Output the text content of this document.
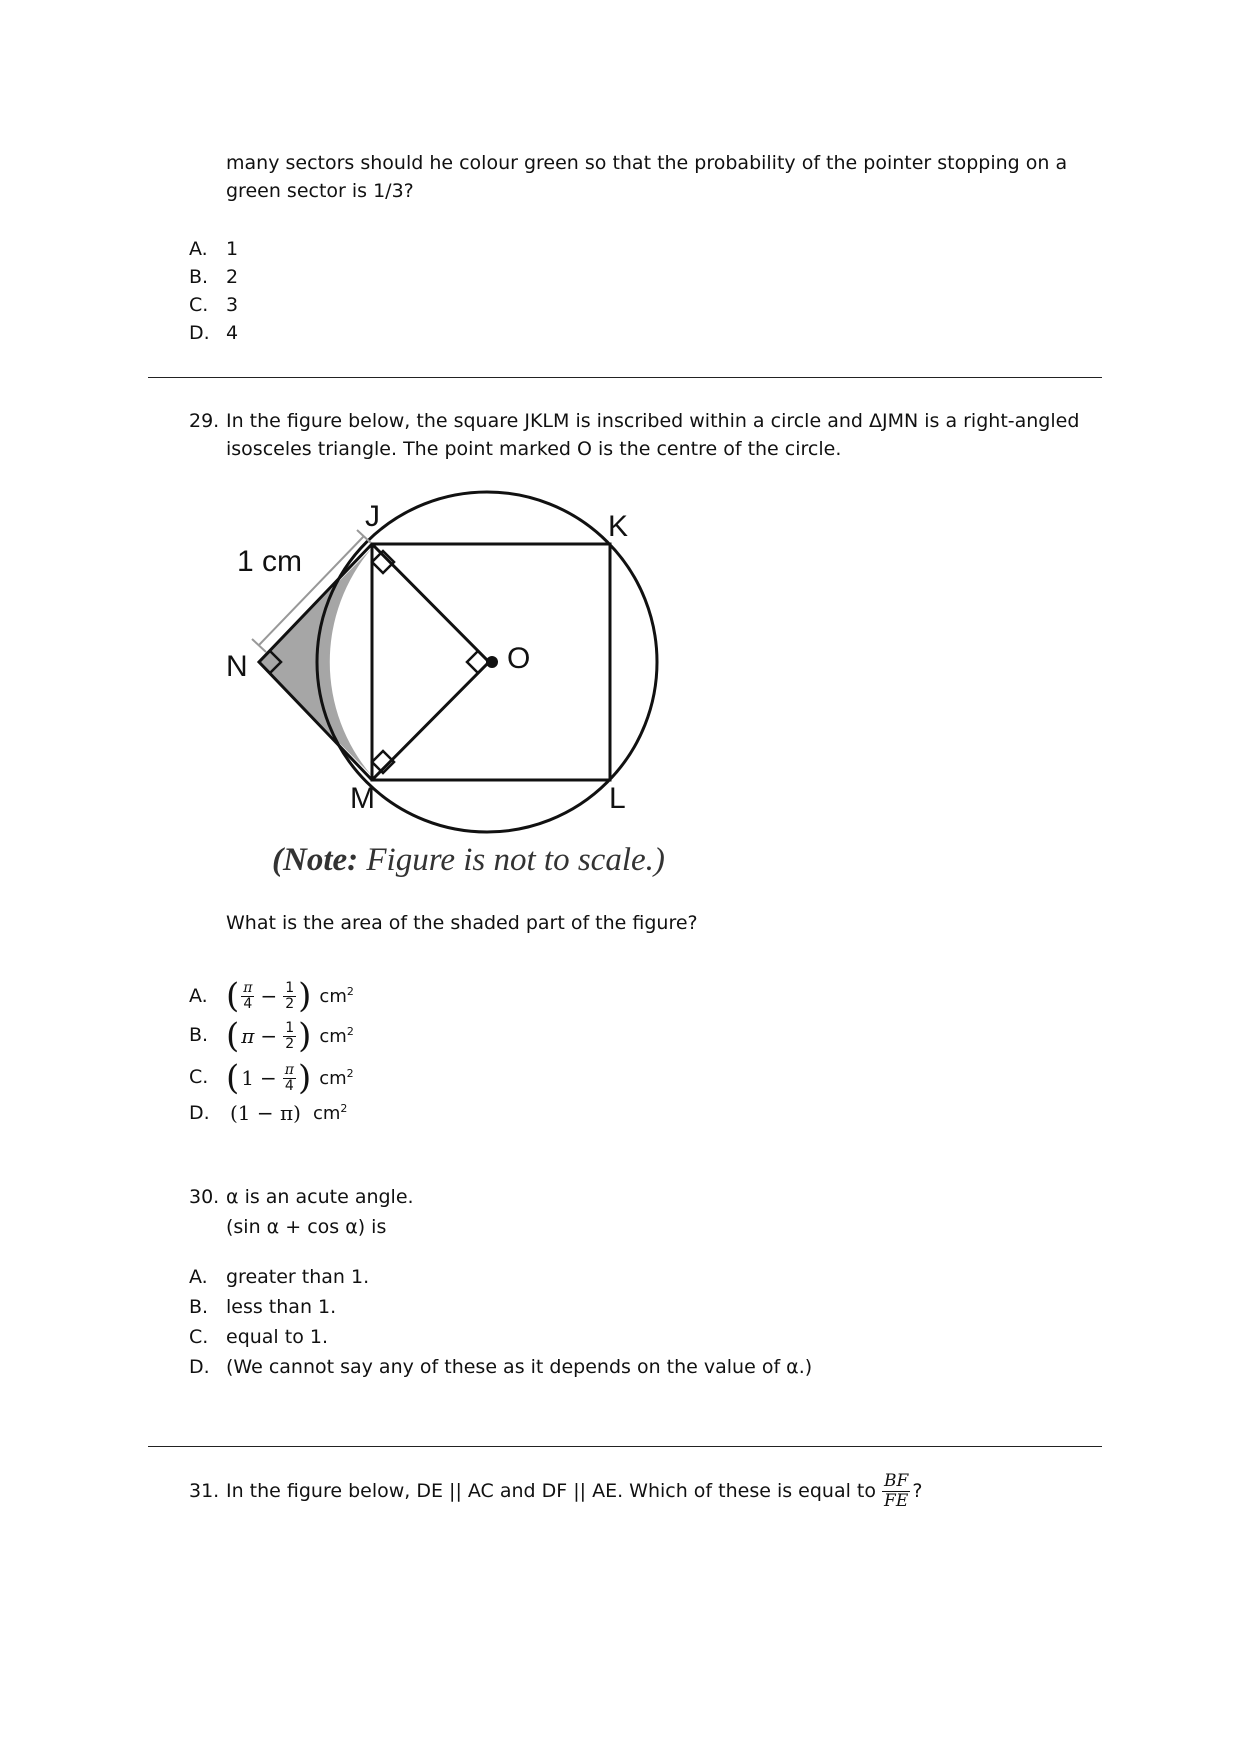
many sectors should he colour green so that the probability of the pointer stopping on a
green sector is 1/3?
A. 1
B. 2
C. 3
D. 4
29. In the figure below, the square JKLM is inscribed within a circle and ΔJMN is a right-angled
isosceles triangle. The point marked O is the centre of the circle.
J	K
L
M
N	O
1 cm
(Note: Figure is not to scale.)
What is the area of the shaded part of the figure?
A. ( $\frac{\pi}{4} - \frac{1}{2}$ ) $cm^2$
B. ( $\pi - \frac{1}{2}$ ) $cm^2$
C. ( $1 - \frac{\pi}{4}$ ) $cm^2$
D. (1 − π) $cm^2$
30. α is an acute angle.
(sin α + cos α) is
A. greater than 1.
B. less than 1.
C. equal to 1.
D. (We cannot say any of these as it depends on the value of α.)
31. In the figure below, DE || AC and DF || AE. Which of these is equal to $\frac{BF}{FE}$ ?
